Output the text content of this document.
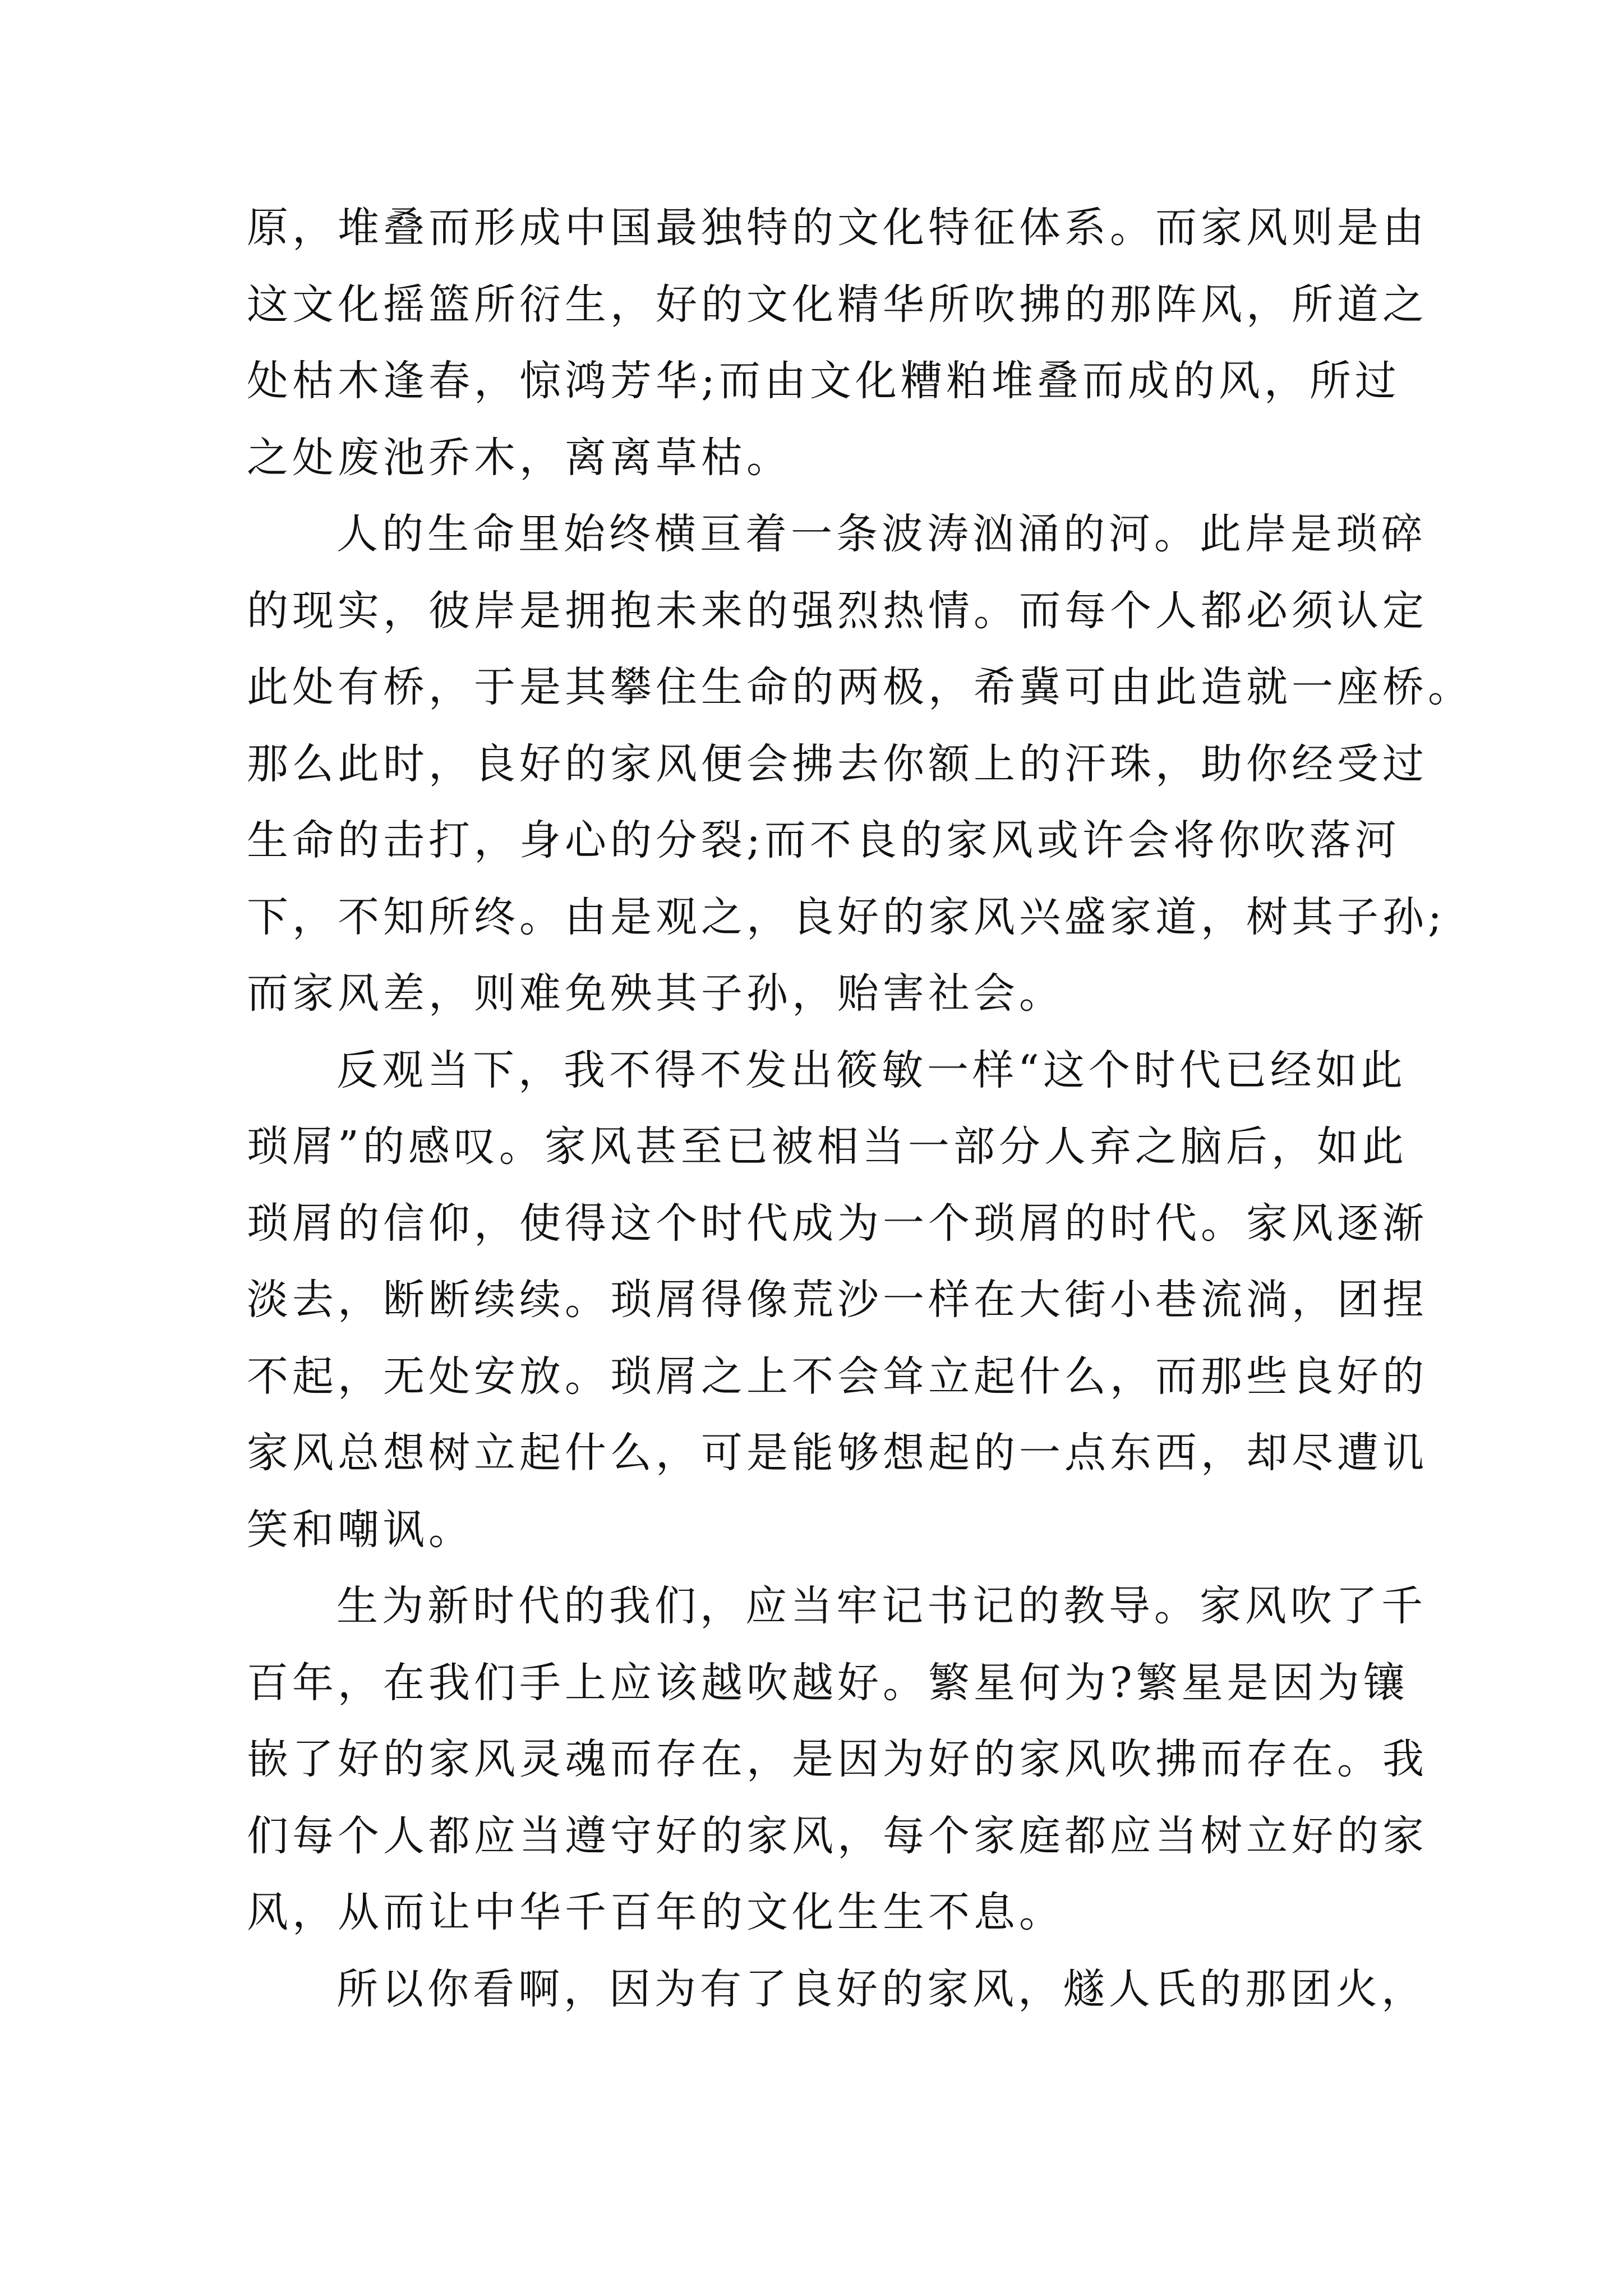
原，堆叠而形成中国最独特的文化特征体系。而家风则是由
这文化摇篮所衍生，好的文化精华所吹拂的那阵风，所道之
处枯木逢春，惊鸿芳华;而由文化糟粕堆叠而成的风，所过
之处废池乔木，离离草枯。
人的生命里始终横亘着一条波涛汹涌的河。此岸是琐碎
的现实，彼岸是拥抱未来的强烈热情。而每个人都必须认定
此处有桥，于是其攀住生命的两极，希冀可由此造就一座桥。
那么此时，良好的家风便会拂去你额上的汗珠，助你经受过
生命的击打，身心的分裂;而不良的家风或许会将你吹落河
下，不知所终。由是观之，良好的家风兴盛家道，树其子孙;
而家风差，则难免殃其子孙，贻害社会。
反观当下，我不得不发出筱敏一样“这个时代已经如此
琐屑”的感叹。家风甚至已被相当一部分人弃之脑后，如此
琐屑的信仰，使得这个时代成为一个琐屑的时代。家风逐渐
淡去，断断续续。琐屑得像荒沙一样在大街小巷流淌，团捏
不起，无处安放。琐屑之上不会耸立起什么，而那些良好的
家风总想树立起什么，可是能够想起的一点东西，却尽遭讥
笑和嘲讽。
生为新时代的我们，应当牢记书记的教导。家风吹了千
百年，在我们手上应该越吹越好。繁星何为?繁星是因为镶
嵌了好的家风灵魂而存在，是因为好的家风吹拂而存在。我
们每个人都应当遵守好的家风，每个家庭都应当树立好的家
风，从而让中华千百年的文化生生不息。
所以你看啊，因为有了良好的家风，燧人氏的那团火，
